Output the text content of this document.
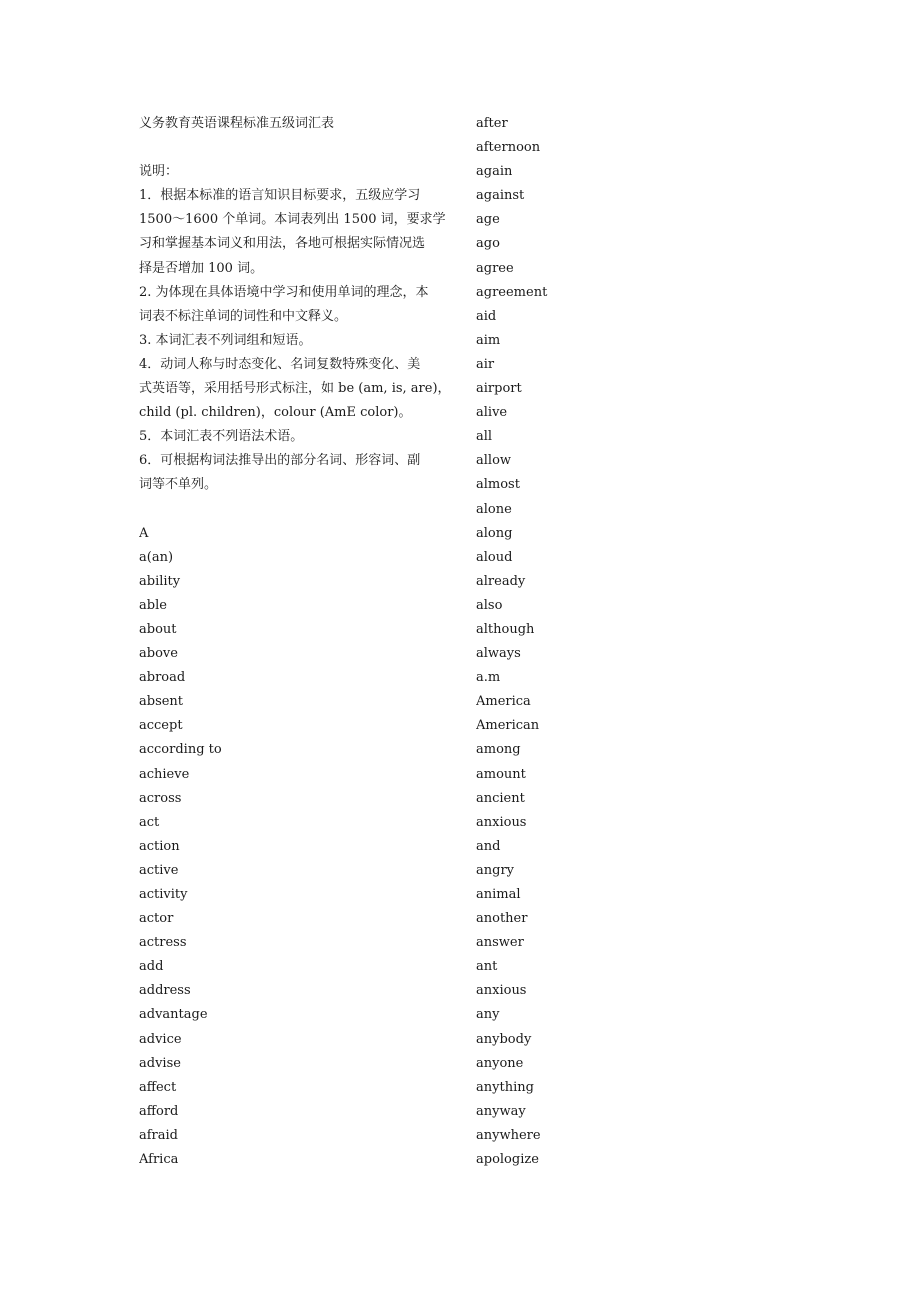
义务教育英语课程标准五级词汇表
说明：
1．根据本标准的语言知识目标要求，五级应学习
1500～1600 个单词。本词表列出 1500 词，要求学
习和掌握基本词义和用法，各地可根据实际情况选
择是否增加 100 词。
2. 为体现在具体语境中学习和使用单词的理念，本
词表不标注单词的词性和中文释义。
3. 本词汇表不列词组和短语。
4．动词人称与时态变化、名词复数特殊变化、美
式英语等，采用括号形式标注，如 be (am, is, are)，
child (pl. children)，colour (AmE color)。
5．本词汇表不列语法术语。
6．可根据构词法推导出的部分名词、形容词、副
词等不单列。
A
a(an)
ability
able
about
above
abroad
absent
accept
according to
achieve
across
act
action
active
activity
actor
actress
add
address
advantage
advice
advise
affect
afford
afraid
Africa
after
afternoon
again
against
age
ago
agree
agreement
aid
aim
air
airport
alive
all
allow
almost
alone
along
aloud
already
also
although
always
a.m
America
American
among
amount
ancient
anxious
and
angry
animal
another
answer
ant
anxious
any
anybody
anyone
anything
anyway
anywhere
apologize
